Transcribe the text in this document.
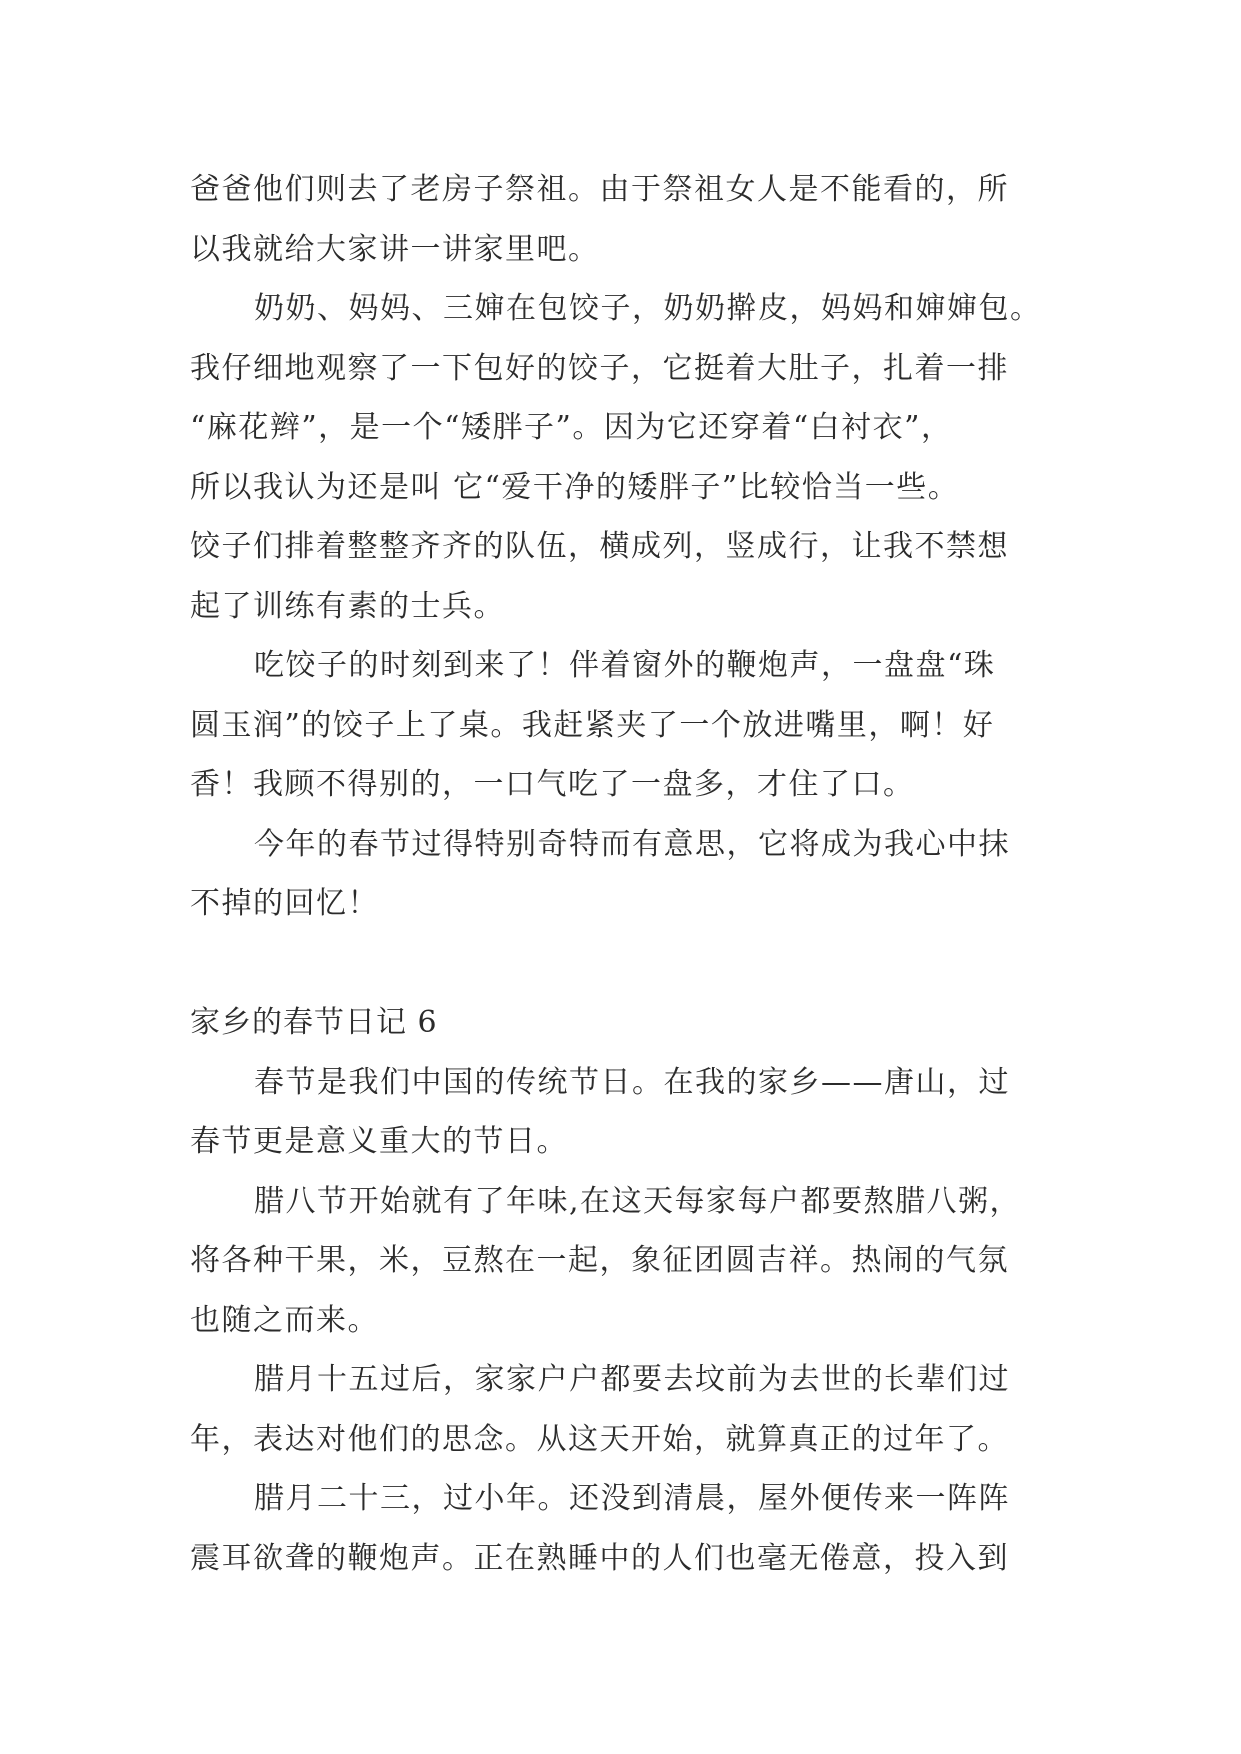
爸爸他们则去了老房子祭祖。由于祭祖女人是不能看的，所
以我就给大家讲一讲家里吧。
奶奶、妈妈、三婶在包饺子，奶奶擀皮，妈妈和婶婶包。
我仔细地观察了一下包好的饺子，它挺着大肚子，扎着一排
“麻花辫”，是一个“矮胖子”。因为它还穿着“白衬衣”，
所以我认为还是叫 它“爱干净的矮胖子”比较恰当一些。
饺子们排着整整齐齐的队伍，横成列，竖成行，让我不禁想
起了训练有素的士兵。
吃饺子的时刻到来了！伴着窗外的鞭炮声，一盘盘“珠
圆玉润”的饺子上了桌。我赶紧夹了一个放进嘴里，啊！好
香！我顾不得别的，一口气吃了一盘多，才住了口。
今年的春节过得特别奇特而有意思，它将成为我心中抹
不掉的回忆！
家乡的春节日记 6
春节是我们中国的传统节日。在我的家乡——唐山，过
春节更是意义重大的节日。
腊八节开始就有了年味,在这天每家每户都要熬腊八粥，
将各种干果，米，豆熬在一起，象征团圆吉祥。热闹的气氛
也随之而来。
腊月十五过后，家家户户都要去坟前为去世的长辈们过
年，表达对他们的思念。从这天开始，就算真正的过年了。
腊月二十三，过小年。还没到清晨，屋外便传来一阵阵
震耳欲聋的鞭炮声。正在熟睡中的人们也毫无倦意，投入到
